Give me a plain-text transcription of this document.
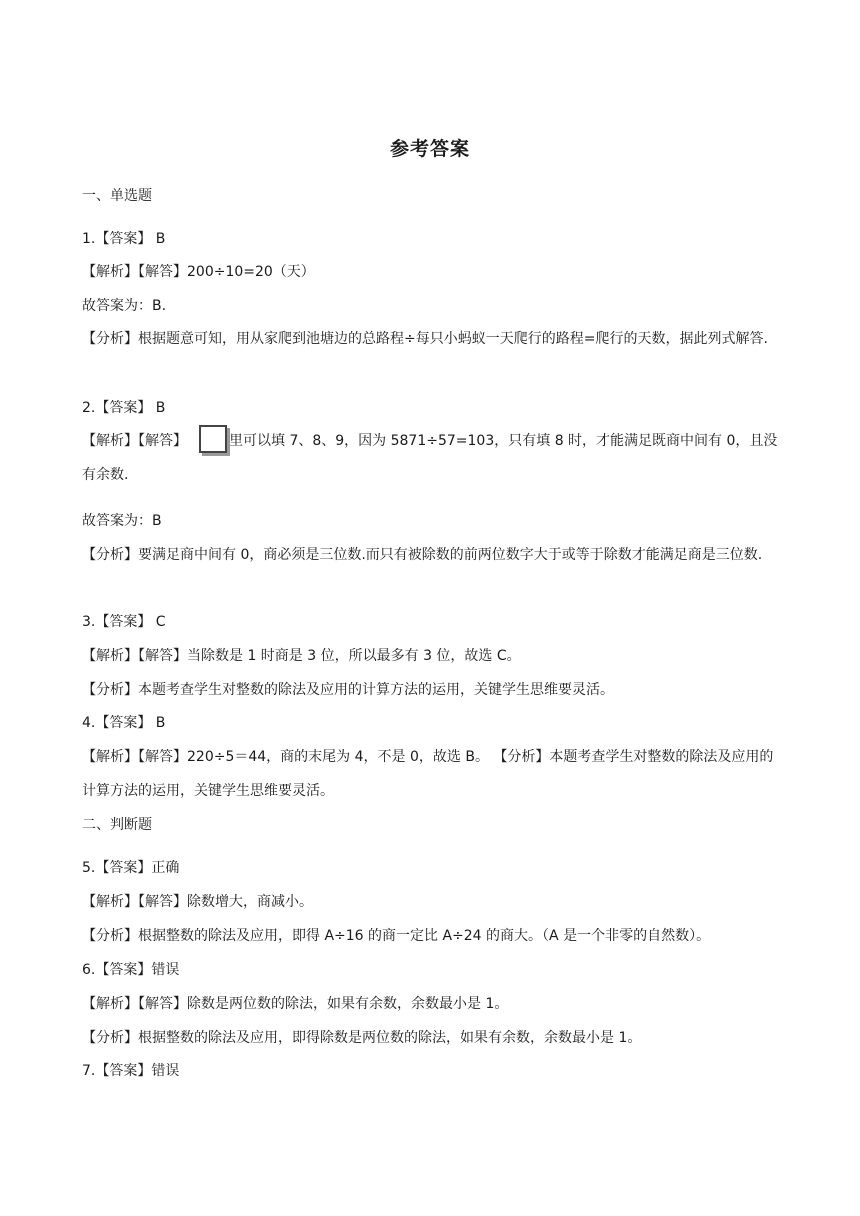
参考答案
一、单选题
1.【答案】 B
【解析】【解答】200÷10=20（天）
故答案为：B.
【分析】根据题意可知，用从家爬到池塘边的总路程÷每只小蚂蚁一天爬行的路程=爬行的天数，据此列式解答.
2.【答案】 B
【解析】【解答】	里可以填 7、8、9，因为 5871÷57=103，只有填 8 时，才能满足既商中间有 0，且没有余数.
故答案为：B
【分析】要满足商中间有 0，商必须是三位数.而只有被除数的前两位数字大于或等于除数才能满足商是三位数.
3.【答案】 C
【解析】【解答】当除数是 1 时商是 3 位，所以最多有 3 位，故选 C。
【分析】本题考查学生对整数的除法及应用的计算方法的运用，关键学生思维要灵活。
4.【答案】 B
【解析】【解答】220÷5＝44，商的末尾为 4，不是 0，故选 B。 【分析】本题考查学生对整数的除法及应用的计算方法的运用，关键学生思维要灵活。
二、判断题
5.【答案】正确
【解析】【解答】除数增大，商减小。
【分析】根据整数的除法及应用，即得 A÷16 的商一定比 A÷24 的商大。（A 是一个非零的自然数）。
6.【答案】错误
【解析】【解答】除数是两位数的除法，如果有余数，余数最小是 1。
【分析】根据整数的除法及应用，即得除数是两位数的除法，如果有余数，余数最小是 1。
7.【答案】错误
